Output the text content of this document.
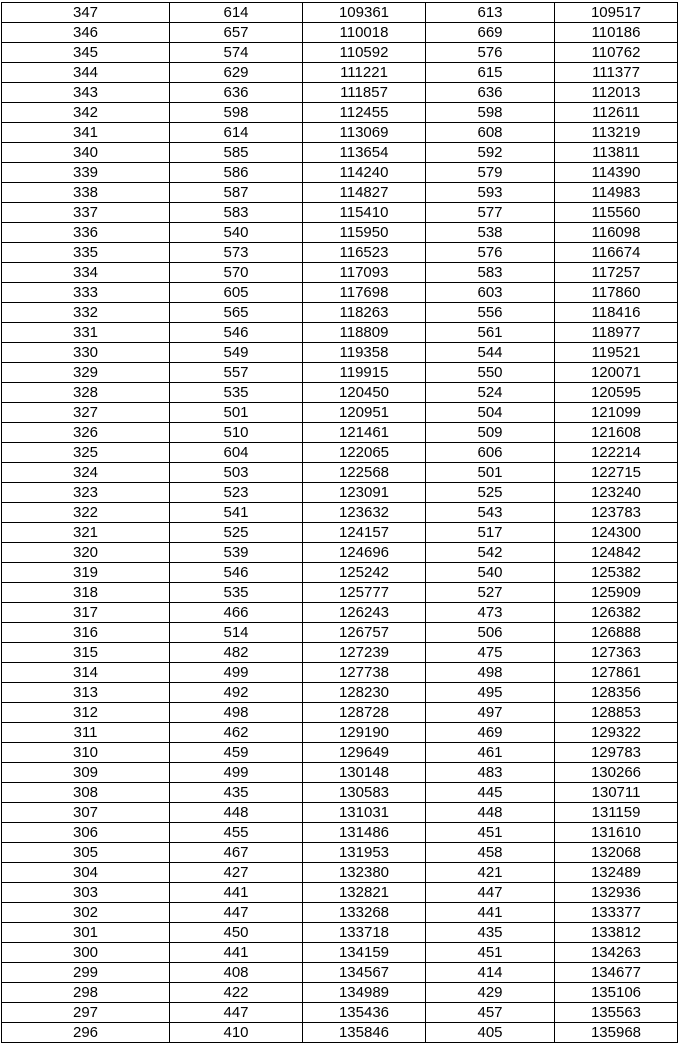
347	614	109361	613	109517
346	657	110018	669	110186
345	574	110592	576	110762
344	629	111221	615	111377
343	636	111857	636	112013
342	598	112455	598	112611
341	614	113069	608	113219
340	585	113654	592	113811
339	586	114240	579	114390
338	587	114827	593	114983
337	583	115410	577	115560
336	540	115950	538	116098
335	573	116523	576	116674
334	570	117093	583	117257
333	605	117698	603	117860
332	565	118263	556	118416
331	546	118809	561	118977
330	549	119358	544	119521
329	557	119915	550	120071
328	535	120450	524	120595
327	501	120951	504	121099
326	510	121461	509	121608
325	604	122065	606	122214
324	503	122568	501	122715
323	523	123091	525	123240
322	541	123632	543	123783
321	525	124157	517	124300
320	539	124696	542	124842
319	546	125242	540	125382
318	535	125777	527	125909
317	466	126243	473	126382
316	514	126757	506	126888
315	482	127239	475	127363
314	499	127738	498	127861
313	492	128230	495	128356
312	498	128728	497	128853
311	462	129190	469	129322
310	459	129649	461	129783
309	499	130148	483	130266
308	435	130583	445	130711
307	448	131031	448	131159
306	455	131486	451	131610
305	467	131953	458	132068
304	427	132380	421	132489
303	441	132821	447	132936
302	447	133268	441	133377
301	450	133718	435	133812
300	441	134159	451	134263
299	408	134567	414	134677
298	422	134989	429	135106
297	447	135436	457	135563
296	410	135846	405	135968
